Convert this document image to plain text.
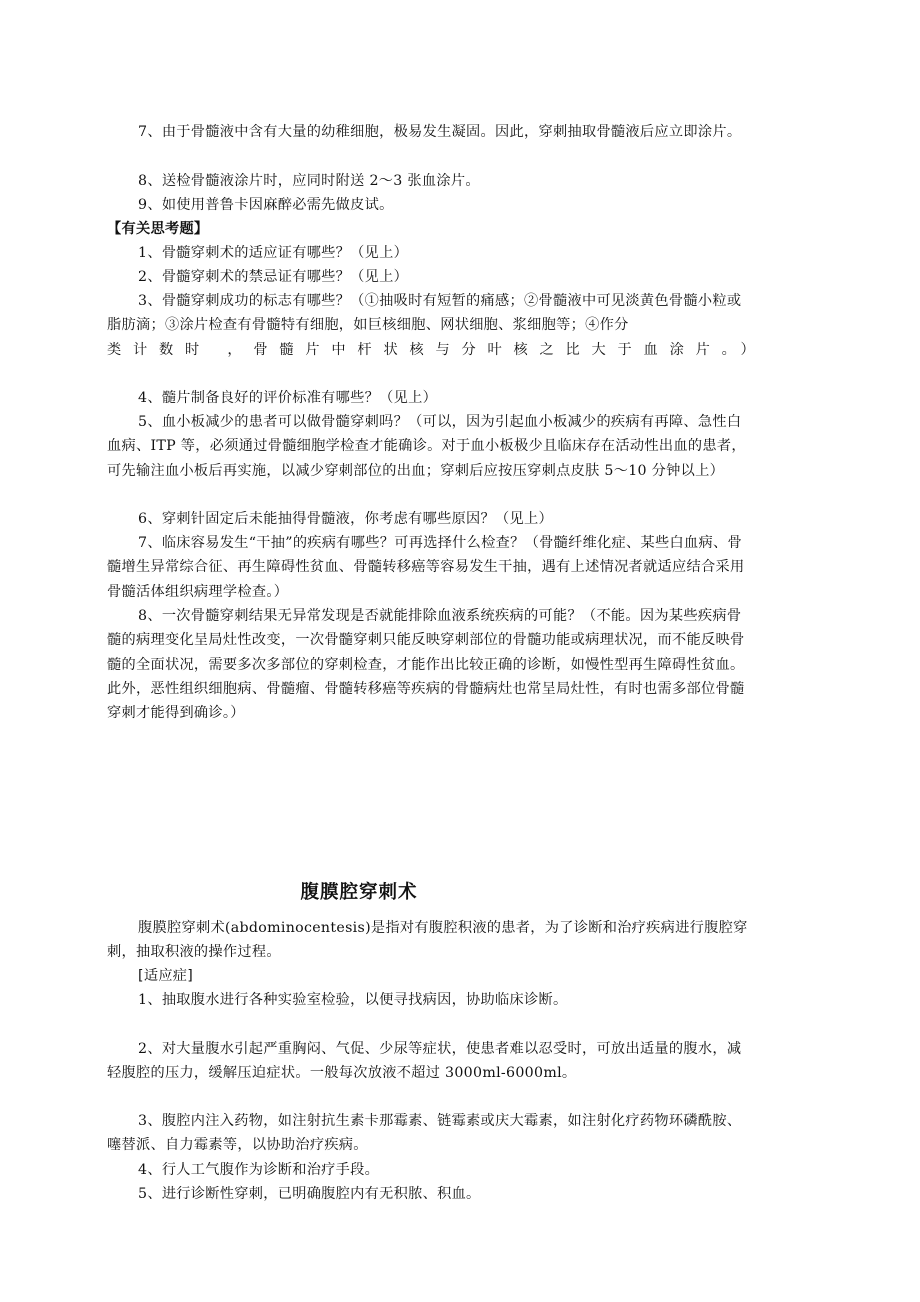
7、由于骨髓液中含有大量的幼稚细胞，极易发生凝固。因此，穿刺抽取骨髓液后应立即涂片。

8、送检骨髓液涂片时，应同时附送 2～3 张血涂片。

9、如使用普鲁卡因麻醉必需先做皮试。

【有关思考题】

1、骨髓穿刺术的适应证有哪些？（见上）

2、骨髓穿刺术的禁忌证有哪些？（见上）

3、骨髓穿刺成功的标志有哪些？（①抽吸时有短暂的痛感；②骨髓液中可见淡黄色骨髓小粒或脂肪滴；③涂片检查有骨髓特有细胞，如巨核细胞、网状细胞、浆细胞等；④作分

类计数时 ，骨髓片中杆状核与分叶核之比大于血涂片。）

4、髓片制备良好的评价标准有哪些？（见上）

5、血小板减少的患者可以做骨髓穿刺吗？（可以，因为引起血小板减少的疾病有再障、急性白血病、ITP 等，必须通过骨髓细胞学检查才能确诊。对于血小板极少且临床存在活动性出血的患者，可先输注血小板后再实施，以减少穿刺部位的出血；穿刺后应按压穿刺点皮肤 5～10 分钟以上）

6、穿刺针固定后未能抽得骨髓液，你考虑有哪些原因？（见上）

7、临床容易发生“干抽”的疾病有哪些？可再选择什么检查？（骨髓纤维化症、某些白血病、骨髓增生异常综合征、再生障碍性贫血、骨髓转移癌等容易发生干抽，遇有上述情况者就适应结合采用骨髓活体组织病理学检查。）

8、一次骨髓穿刺结果无异常发现是否就能排除血液系统疾病的可能？（不能。因为某些疾病骨髓的病理变化呈局灶性改变，一次骨髓穿刺只能反映穿刺部位的骨髓功能或病理状况，而不能反映骨髓的全面状况，需要多次多部位的穿刺检查，才能作出比较正确的诊断，如慢性型再生障碍性贫血。此外，恶性组织细胞病、骨髓瘤、骨髓转移癌等疾病的骨髓病灶也常呈局灶性，有时也需多部位骨髓穿刺才能得到确诊。）

腹膜腔穿刺术

腹膜腔穿刺术(abdominocentesis)是指对有腹腔积液的患者，为了诊断和治疗疾病进行腹腔穿刺，抽取积液的操作过程。

[适应症]

1、抽取腹水进行各种实验室检验，以便寻找病因，协助临床诊断。

2、对大量腹水引起严重胸闷、气促、少尿等症状，使患者难以忍受时，可放出适量的腹水，减轻腹腔的压力，缓解压迫症状。一般每次放液不超过 3000ml-6000ml。

3、腹腔内注入药物，如注射抗生素卡那霉素、链霉素或庆大霉素，如注射化疗药物环磷酰胺、噻替派、自力霉素等，以协助治疗疾病。

4、行人工气腹作为诊断和治疗手段。

5、进行诊断性穿刺，已明确腹腔内有无积脓、积血。
